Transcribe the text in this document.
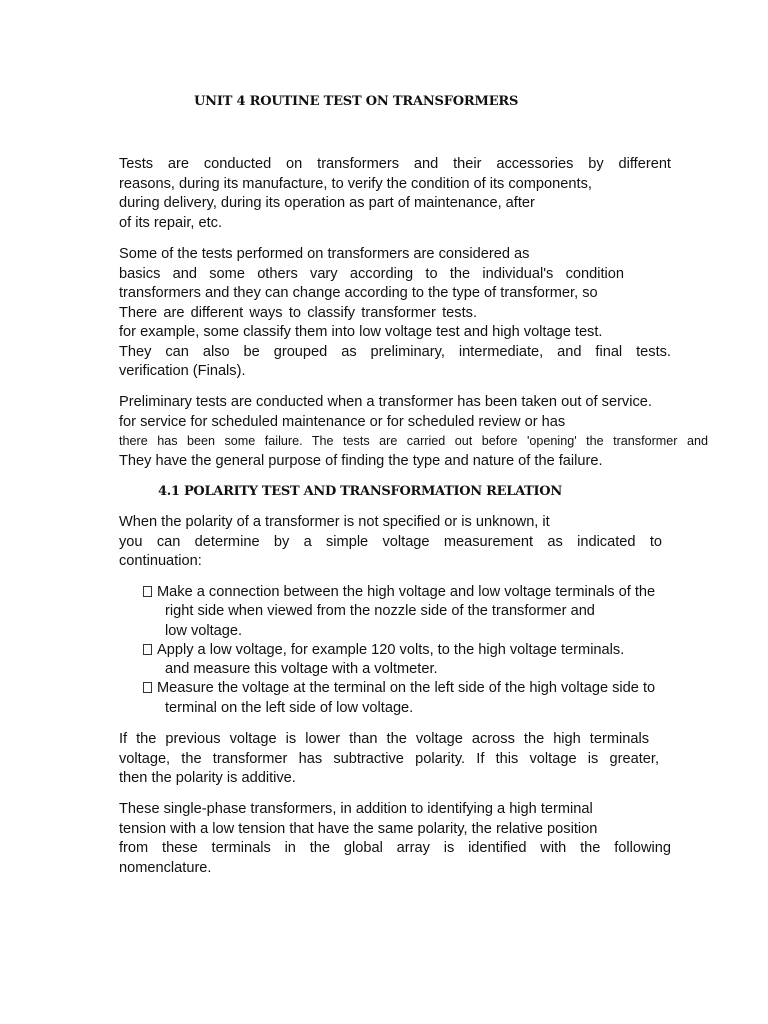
UNIT 4 ROUTINE TEST ON TRANSFORMERS
Tests are conducted on transformers and their accessories by different
reasons, during its manufacture, to verify the condition of its components,
during delivery, during its operation as part of maintenance, after
of its repair, etc.
Some of the tests performed on transformers are considered as
basics and some others vary according to the individual's condition
transformers and they can change according to the type of transformer, so
There are different ways to classify transformer tests.
for example, some classify them into low voltage test and high voltage test.
They can also be grouped as preliminary, intermediate, and final tests.
verification (Finals).
Preliminary tests are conducted when a transformer has been taken out of service.
for service for scheduled maintenance or for scheduled review or has
there has been some failure. The tests are carried out before 'opening' the transformer and
They have the general purpose of finding the type and nature of the failure.
4.1 POLARITY TEST AND TRANSFORMATION RELATION
When the polarity of a transformer is not specified or is unknown, it
you can determine by a simple voltage measurement as indicated to
continuation:
Make a connection between the high voltage and low voltage terminals of the
right side when viewed from the nozzle side of the transformer and
low voltage.
Apply a low voltage, for example 120 volts, to the high voltage terminals.
and measure this voltage with a voltmeter.
Measure the voltage at the terminal on the left side of the high voltage side to
terminal on the left side of low voltage.
If the previous voltage is lower than the voltage across the high terminals
voltage, the transformer has subtractive polarity. If this voltage is greater,
then the polarity is additive.
These single-phase transformers, in addition to identifying a high terminal
tension with a low tension that have the same polarity, the relative position
from these terminals in the global array is identified with the following
nomenclature.
